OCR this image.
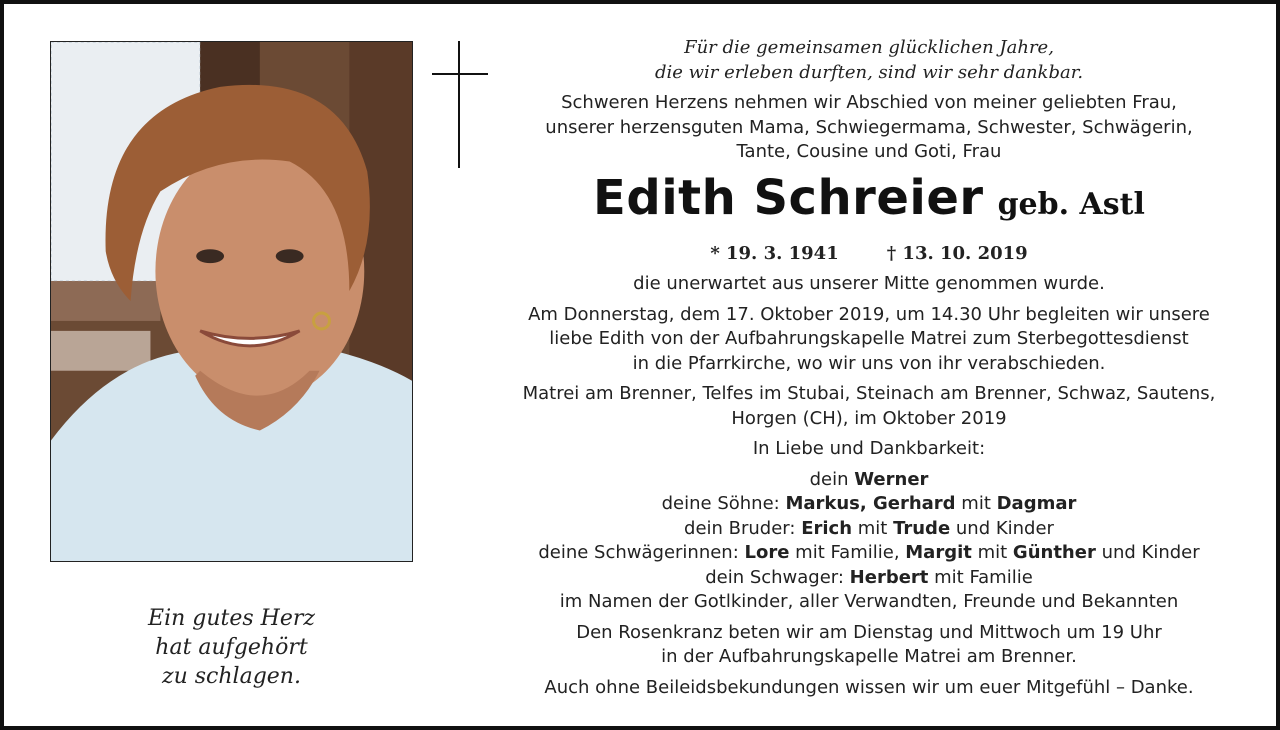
Ein gutes Herz
hat aufgehört
zu schlagen.
Für die gemeinsamen glücklichen Jahre,
die wir erleben durften, sind wir sehr dankbar.
Schweren Herzens nehmen wir Abschied von meiner geliebten Frau,
unserer herzensguten Mama, Schwiegermama, Schwester, Schwägerin,
Tante, Cousine und Goti, Frau
Edith Schreier geb. Astl
* 19. 3. 1941	† 13. 10. 2019
die unerwartet aus unserer Mitte genommen wurde.
Am Donnerstag, dem 17. Oktober 2019, um 14.30 Uhr begleiten wir unsere
liebe Edith von der Aufbahrungskapelle Matrei zum Sterbegottesdienst
in die Pfarrkirche, wo wir uns von ihr verabschieden.
Matrei am Brenner, Telfes im Stubai, Steinach am Brenner, Schwaz, Sautens,
Horgen (CH), im Oktober 2019
In Liebe und Dankbarkeit:
dein Werner
deine Söhne: Markus, Gerhard mit Dagmar
dein Bruder: Erich mit Trude und Kinder
deine Schwägerinnen: Lore mit Familie, Margit mit Günther und Kinder
dein Schwager: Herbert mit Familie
im Namen der Gotlkinder, aller Verwandten, Freunde und Bekannten
Den Rosenkranz beten wir am Dienstag und Mittwoch um 19 Uhr
in der Aufbahrungskapelle Matrei am Brenner.
Auch ohne Beileidsbekundungen wissen wir um euer Mitgefühl – Danke.
